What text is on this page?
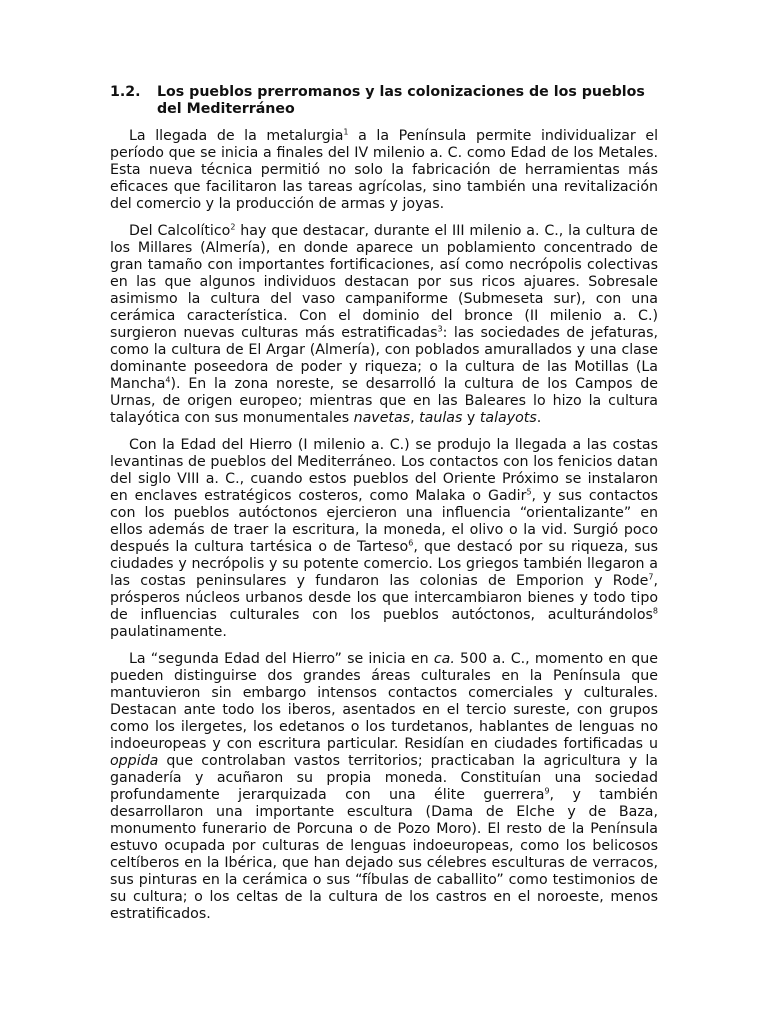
1.2.	Los pueblos prerromanos y las colonizaciones de los pueblos del Mediterráneo

La llegada de la metalurgia$^1$ a la Península permite individualizar el período que se inicia a finales del IV milenio a. C. como Edad de los Metales. Esta nueva técnica permitió no solo la fabricación de herramientas más eficaces que facilitaron las tareas agrícolas, sino también una revitalización del comercio y la producción de armas y joyas.

Del Calcolítico$^2$ hay que destacar, durante el III milenio a. C., la cultura de los Millares (Almería), en donde aparece un poblamiento concentrado de gran tamaño con importantes fortificaciones, así como necrópolis colectivas en las que algunos individuos destacan por sus ricos ajuares. Sobresale asimismo la cultura del vaso campaniforme (Submeseta sur), con una cerámica característica. Con el dominio del bronce (II milenio a. C.) surgieron nuevas culturas más estratificadas$^3$: las sociedades de jefaturas, como la cultura de El Argar (Almería), con poblados amurallados y una clase dominante poseedora de poder y riqueza; o la cultura de las Motillas (La Mancha$^4$). En la zona noreste, se desarrolló la cultura de los Campos de Urnas, de origen europeo; mientras que en las Baleares lo hizo la cultura talayótica con sus monumentales navetas, taulas y talayots.

Con la Edad del Hierro (I milenio a. C.) se produjo la llegada a las costas levantinas de pueblos del Mediterráneo. Los contactos con los fenicios datan del siglo VIII a. C., cuando estos pueblos del Oriente Próximo se instalaron en enclaves estratégicos costeros, como Malaka o Gadir$^5$, y sus contactos con los pueblos autóctonos ejercieron una influencia “orientalizante” en ellos además de traer la escritura, la moneda, el olivo o la vid. Surgió poco después la cultura tartésica o de Tarteso$^6$, que destacó por su riqueza, sus ciudades y necrópolis y su potente comercio. Los griegos también llegaron a las costas peninsulares y fundaron las colonias de Emporion y Rode$^7$, prósperos núcleos urbanos desde los que intercambiaron bienes y todo tipo de influencias culturales con los pueblos autóctonos, aculturándolos$^8$ paulatinamente.

La “segunda Edad del Hierro” se inicia en ca. 500 a. C., momento en que pueden distinguirse dos grandes áreas culturales en la Península que mantuvieron sin embargo intensos contactos comerciales y culturales. Destacan ante todo los iberos, asentados en el tercio sureste, con grupos como los ilergetes, los edetanos o los turdetanos, hablantes de lenguas no indoeuropeas y con escritura particular. Residían en ciudades fortificadas u oppida que controlaban vastos territorios; practicaban la agricultura y la ganadería y acuñaron su propia moneda. Constituían una sociedad profundamente jerarquizada con una élite guerrera$^9$, y también desarrollaron una importante escultura (Dama de Elche y de Baza, monumento funerario de Porcuna o de Pozo Moro). El resto de la Península estuvo ocupada por culturas de lenguas indoeuropeas, como los belicosos celtíberos en la Ibérica, que han dejado sus célebres esculturas de verracos, sus pinturas en la cerámica o sus “fíbulas de caballito” como testimonios de su cultura; o los celtas de la cultura de los castros en el noroeste, menos estratificados.
